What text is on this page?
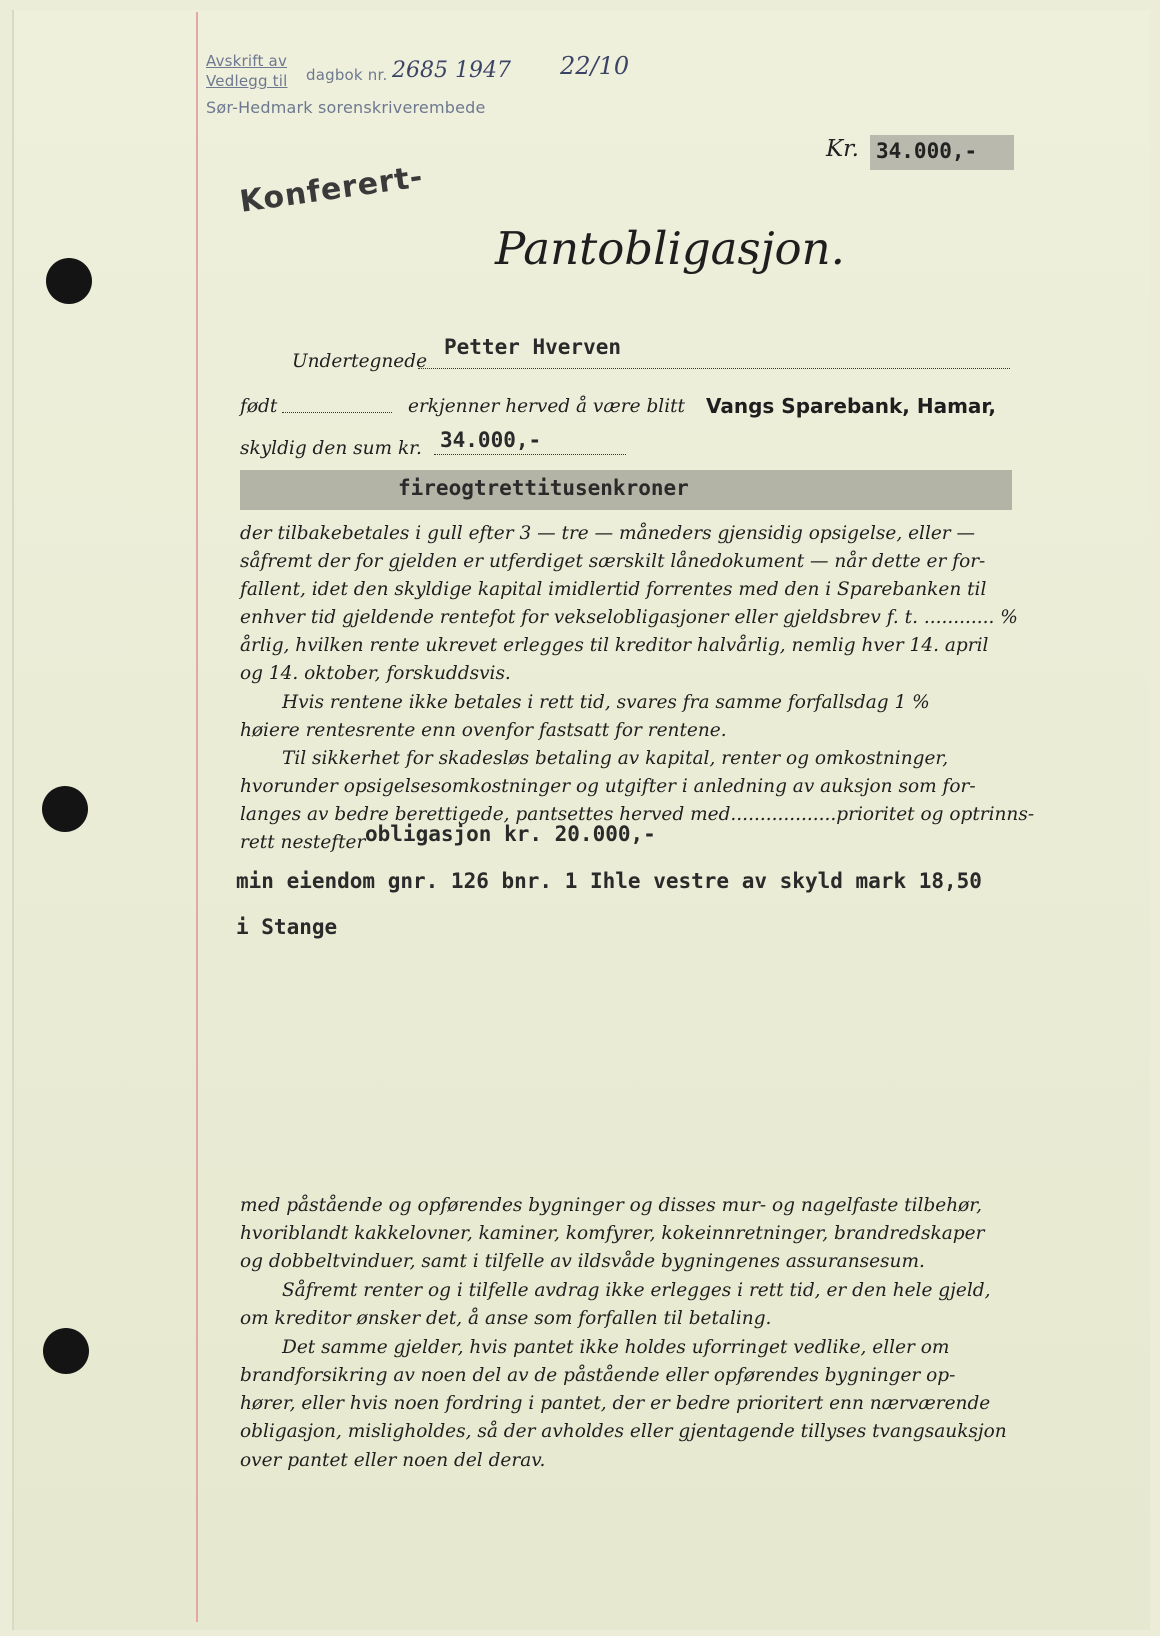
Avskrift av
Vedlegg til dagbok nr. 2685 1947 22/10
Sør-Hedmark sorenskriverembede
Kr. 34.000,-
Konferert-
Pantobligasjon.
Undertegnede
Petter Hverven
født	erkjenner herved å være blitt Vangs Sparebank, Hamar,
skyldig den sum kr. 34.000,-
fireogtrettitusenkroner
der tilbakebetales i gull efter 3 — tre — måneders gjensidig opsigelse, eller —
såfremt der for gjelden er utferdiget særskilt lånedokument — når dette er for-
fallent, idet den skyldige kapital imidlertid forrentes med den i Sparebanken til
enhver tid gjeldende rentefot for vekselobligasjoner eller gjeldsbrev f. t. ............ %
årlig, hvilken rente ukrevet erlegges til kreditor halvårlig, nemlig hver 14. april
og 14. oktober, forskuddsvis.
Hvis rentene ikke betales i rett tid, svares fra samme forfallsdag 1 %
høiere rentesrente enn ovenfor fastsatt for rentene.
Til sikkerhet for skadesløs betaling av kapital, renter og omkostninger,
hvorunder opsigelsesomkostninger og utgifter i anledning av auksjon som for-
langes av bedre berettigede, pantsettes herved med..................prioritet og optrinns-
rett nestefter obligasjon kr. 20.000,-
min eiendom gnr. 126 bnr. 1 Ihle vestre av skyld mark 18,50
i Stange
med påstående og opførendes bygninger og disses mur- og nagelfaste tilbehør,
hvoriblandt kakkelovner, kaminer, komfyrer, kokeinnretninger, brandredskaper
og dobbeltvinduer, samt i tilfelle av ildsvåde bygningenes assuransesum.
Såfremt renter og i tilfelle avdrag ikke erlegges i rett tid, er den hele gjeld,
om kreditor ønsker det, å anse som forfallen til betaling.
Det samme gjelder, hvis pantet ikke holdes uforringet vedlike, eller om
brandforsikring av noen del av de påstående eller opførendes bygninger op-
hører, eller hvis noen fordring i pantet, der er bedre prioritert enn nærværende
obligasjon, misligholdes, så der avholdes eller gjentagende tillyses tvangsauksjon
over pantet eller noen del derav.
